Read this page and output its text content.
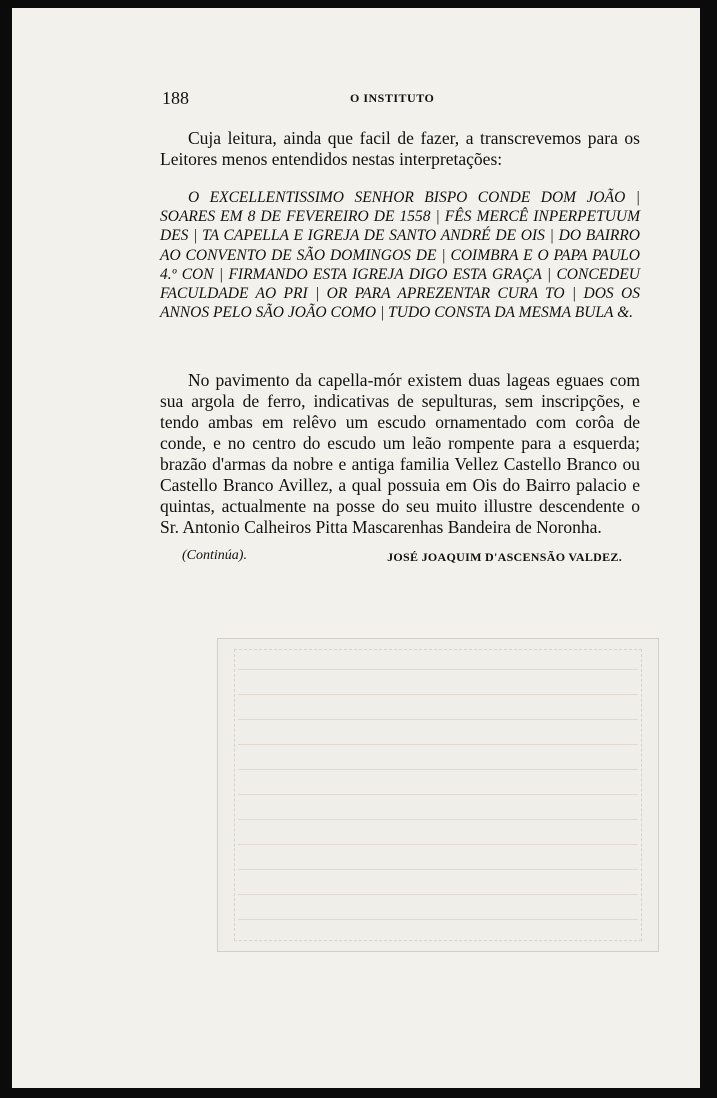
188	O INSTITUTO

Cuja leitura, ainda que facil de fazer, a transcrevemos para os Leitores menos entendidos nestas interpretações:

O EXCELLENTISSIMO SENHOR BISPO CONDE DOM JOÃO | SOARES EM 8 DE FEVEREIRO DE 1558 | FÊS MERCÊ INPERPETUUM DES | TA CAPELLA E IGREJA DE SANTO ANDRÉ DE OIS | DO BAIRRO AO CONVENTO DE SÃO DOMINGOS DE | COIMBRA E O PAPA PAULO 4.º CON | FIRMANDO ESTA IGREJA DIGO ESTA GRAÇA | CONCEDEU FACULDADE AO PRI | OR PARA APREZENTAR CURA TO | DOS OS ANNOS PELO SÃO JOÃO COMO | TUDO CONSTA DA MESMA BULA &.

No pavimento da capella-mór existem duas lageas eguaes com sua argola de ferro, indicativas de sepulturas, sem inscripções, e tendo ambas em relêvo um escudo ornamentado com corôa de conde, e no centro do escudo um leão rompente para a esquerda; brazão d'armas da nobre e antiga familia Vellez Castello Branco ou Castello Branco Avillez, a qual possuia em Ois do Bairro palacio e quintas, actualmente na posse do seu muito illustre descendente o Sr. Antonio Calheiros Pitta Mascarenhas Bandeira de Noronha.

(Continúa).	JOSÉ JOAQUIM D'ASCENSÃO VALDEZ.
